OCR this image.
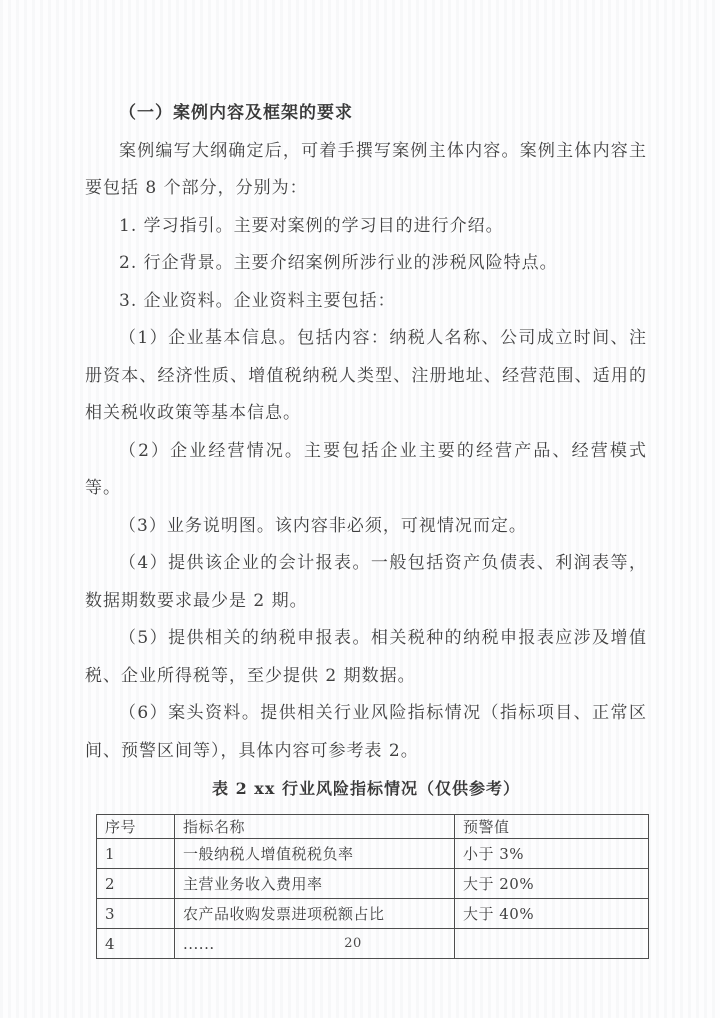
（一）案例内容及框架的要求

案例编写大纲确定后，可着手撰写案例主体内容。案例主体内容主要包括 8 个部分，分别为：

1. 学习指引。主要对案例的学习目的进行介绍。

2. 行企背景。主要介绍案例所涉行业的涉税风险特点。

3. 企业资料。企业资料主要包括：

（1）企业基本信息。包括内容：纳税人名称、公司成立时间、注册资本、经济性质、增值税纳税人类型、注册地址、经营范围、适用的相关税收政策等基本信息。

（2）企业经营情况。主要包括企业主要的经营产品、经营模式等。

（3）业务说明图。该内容非必须，可视情况而定。

（4）提供该企业的会计报表。一般包括资产负债表、利润表等，数据期数要求最少是 2 期。

（5）提供相关的纳税申报表。相关税种的纳税申报表应涉及增值税、企业所得税等，至少提供 2 期数据。

（6）案头资料。提供相关行业风险指标情况（指标项目、正常区间、预警区间等），具体内容可参考表 2。

表 2 xx 行业风险指标情况（仅供参考）
序号	指标名称	预警值
1	一般纳税人增值税税负率	小于 3%
2	主营业务收入费用率	大于 20%
3	农产品收购发票进项税额占比	大于 40%
4	......		20
